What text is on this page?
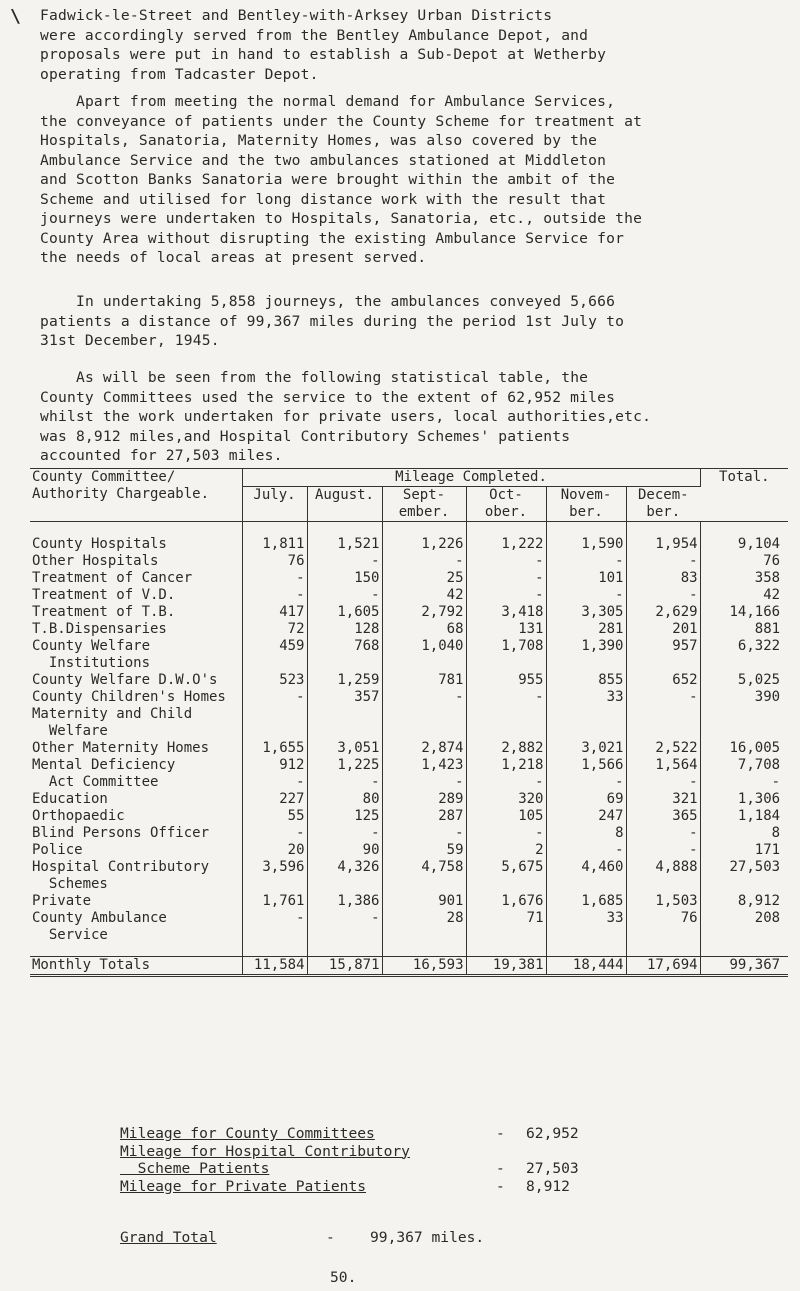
\ Fadwick-le-Street and Bentley-with-Arksey Urban Districts
were accordingly served from the Bentley Ambulance Depot, and
proposals were put in hand to establish a Sub-Depot at Wetherby
operating from Tadcaster Depot.

Apart from meeting the normal demand for Ambulance Services,
the conveyance of patients under the County Scheme for treatment at
Hospitals, Sanatoria, Maternity Homes, was also covered by the
Ambulance Service and the two ambulances stationed at Middleton
and Scotton Banks Sanatoria were brought within the ambit of the
Scheme and utilised for long distance work with the result that
journeys were undertaken to Hospitals, Sanatoria, etc., outside the
County Area without disrupting the existing Ambulance Service for
the needs of local areas at present served.

In undertaking 5,858 journeys, the ambulances conveyed 5,666
patients a distance of 99,367 miles during the period 1st July to
31st December, 1945.

As will be seen from the following statistical table, the
County Committees used the service to the extent of 62,952 miles
whilst the work undertaken for private users, local authorities,etc.
was 8,912 miles,and Hospital Contributory Schemes' patients
accounted for 27,503 miles.

County Committee/
Authority Chargeable.	Mileage Completed.						Total.
	July.	August.	Sept-
ember.	Oct-
ober.	Novem-
ber.	Decem-
ber.	

County Hospitals	1,811	1,521	1,226	1,222	1,590	1,954	9,104
Other Hospitals	76	-	-	-	-	-	76
Treatment of Cancer	-	150	25	-	101	83	358
Treatment of V.D.	-	-	42	-	-	-	42
Treatment of T.B.	417	1,605	2,792	3,418	3,305	2,629	14,166
T.B.Dispensaries	72	128	68	131	281	201	881
County Welfare
Institutions	459	768	1,040	1,708	1,390	957	6,322
County Welfare D.W.O's	523	1,259	781	955	855	652	5,025
County Children's Homes	-	357	-	-	33	-	390
Maternity and Child
Welfare							
Other Maternity Homes	1,655	3,051	2,874	2,882	3,021	2,522	16,005
Mental Deficiency	912	1,225	1,423	1,218	1,566	1,564	7,708
Act Committee	-	-	-	-	-	-	-
Education	227	80	289	320	69	321	1,306
Orthopaedic	55	125	287	105	247	365	1,184
Blind Persons Officer	-	-	-	-	8	-	8
Police	20	90	59	2	-	-	171
Hospital Contributory
Schemes	3,596	4,326	4,758	5,675	4,460	4,888	27,503
Private	1,761	1,386	901	1,676	1,685	1,503	8,912
County Ambulance
Service	-	-	28	71	33	76	208

Monthly Totals	11,584	15,871	16,593	19,381	18,444	17,694	99,367
Mileage for County Committees	- 62,952
Mileage for Hospital Contributory
Scheme Patients	- 27,503
Mileage for Private Patients	- 8,912
Grand Total	- 99,367 miles.
50.
